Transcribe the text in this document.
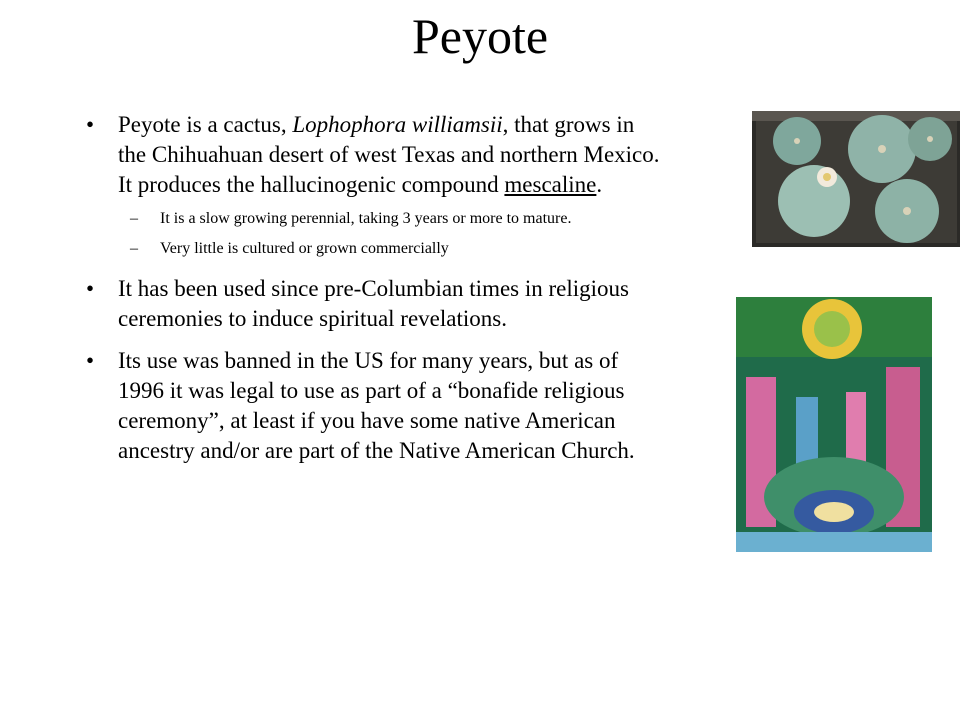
Peyote
• Peyote is a cactus, Lophophora williamsii, that grows in the Chihuahuan desert of west Texas and northern Mexico. It produces the hallucinogenic compound mescaline.
– It is a slow growing perennial, taking 3 years or more to mature.
– Very little is cultured or grown commercially
• It has been used since pre-Columbian times in religious ceremonies to induce spiritual revelations.
• Its use was banned in the US for many years, but as of 1996 it was legal to use as part of a “bonafide religious ceremony”, at least if you have some native American ancestry and/or are part of the Native American Church.
